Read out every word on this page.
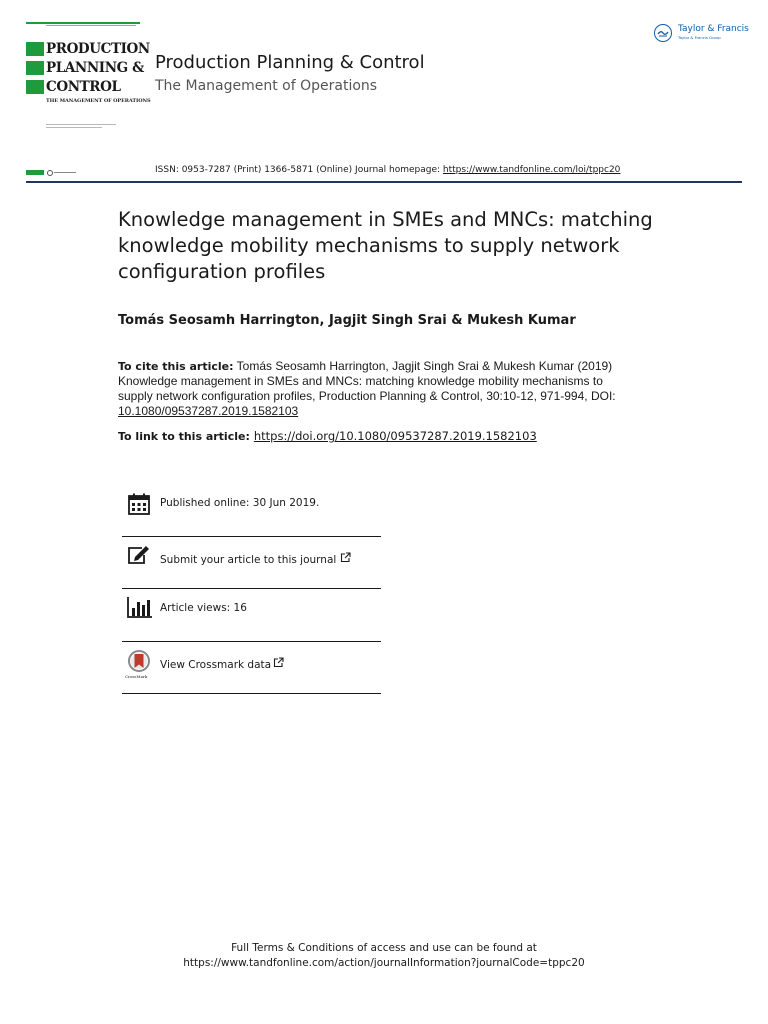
PRODUCTION
PLANNING &
CONTROL
THE MANAGEMENT OF OPERATIONS
Production Planning & Control
The Management of Operations
Taylor & Francis
Taylor & Francis Group
ISSN: 0953-7287 (Print) 1366-5871 (Online) Journal homepage: https://www.tandfonline.com/loi/tppc20
Knowledge management in SMEs and MNCs: matching knowledge mobility mechanisms to supply network configuration profiles
Tomás Seosamh Harrington, Jagjit Singh Srai & Mukesh Kumar
To cite this article: Tomás Seosamh Harrington, Jagjit Singh Srai & Mukesh Kumar (2019) Knowledge management in SMEs and MNCs: matching knowledge mobility mechanisms to supply network configuration profiles, Production Planning & Control, 30:10-12, 971-994, DOI: 10.1080/09537287.2019.1582103
To link to this article: https://doi.org/10.1080/09537287.2019.1582103
Published online: 30 Jun 2019.
Submit your article to this journal
Article views: 16
CrossMark
View Crossmark data
Full Terms & Conditions of access and use can be found at
https://www.tandfonline.com/action/journalInformation?journalCode=tppc20
